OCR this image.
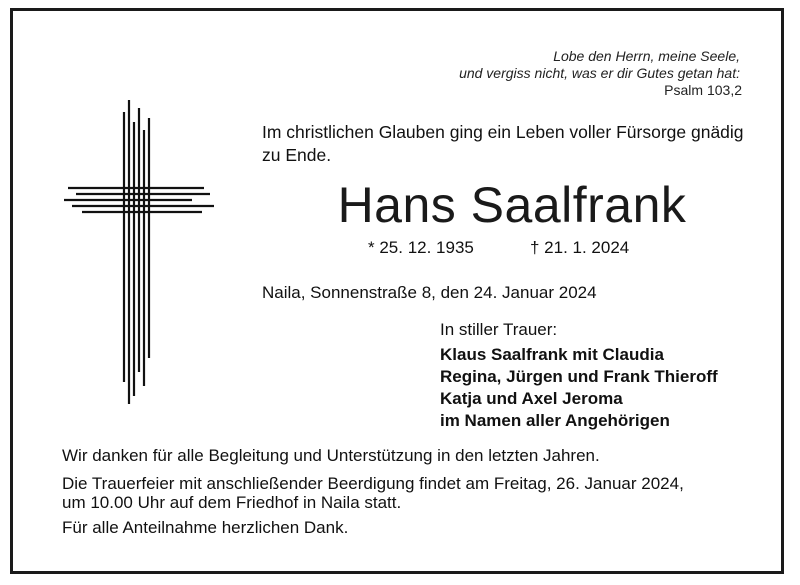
Lobe den Herrn, meine Seele,
und vergiss nicht, was er dir Gutes getan hat:
Psalm 103,2
Im christlichen Glauben ging ein Leben voller Fürsorge gnädig zu Ende.
Hans Saalfrank
* 25. 12. 1935	† 21. 1. 2024
Naila, Sonnenstraße 8, den 24. Januar 2024
In stiller Trauer:
Klaus Saalfrank mit Claudia
Regina, Jürgen und Frank Thieroff
Katja und Axel Jeroma
im Namen aller Angehörigen
Wir danken für alle Begleitung und Unterstützung in den letzten Jahren.
Die Trauerfeier mit anschließender Beerdigung findet am Freitag, 26. Januar 2024,
um 10.00 Uhr auf dem Friedhof in Naila statt.
Für alle Anteilnahme herzlichen Dank.
